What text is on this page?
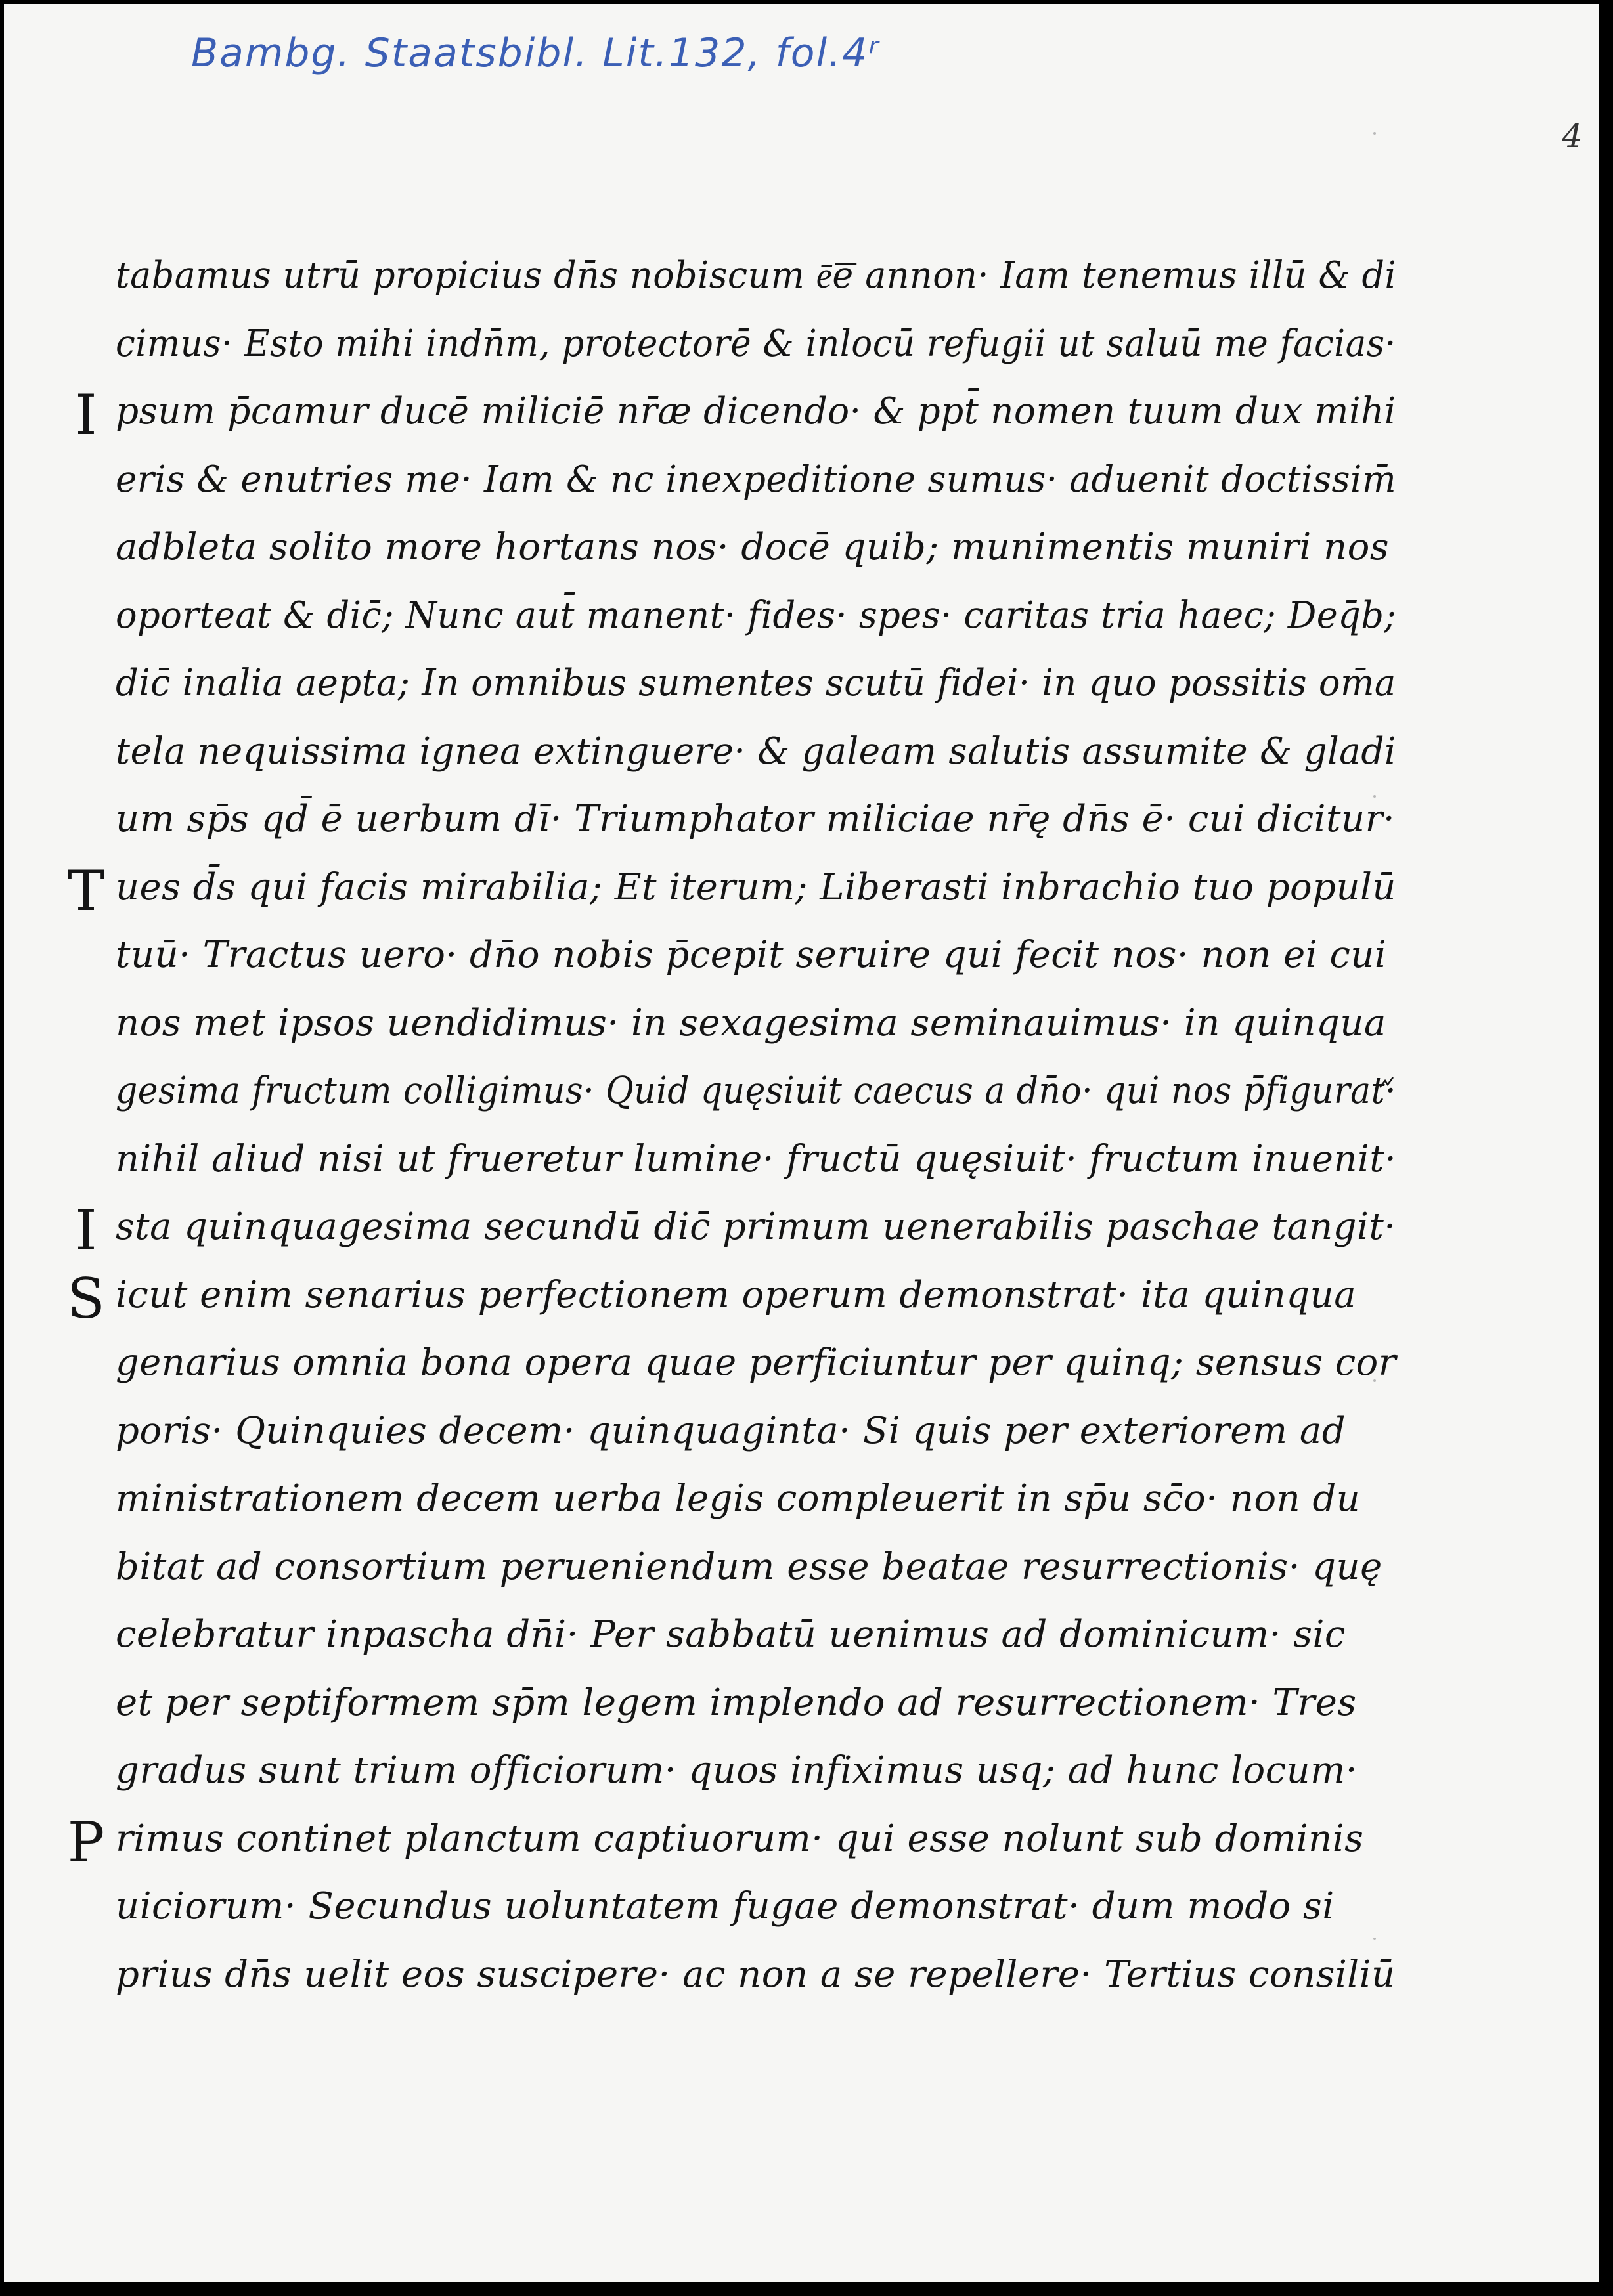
Bambg. Staatsbibl. Lit.132, fol.4ʳ
4
tabamus utrū propicius dn̄s nobiscum ē͞e annon· Iam tenemus illū & di
cimus· Esto mihi indn̄m, protectorē & inlocū refugii ut saluū me facias·
I psum p̄camur ducē miliciē nr̄æ dicendo· & ppt̄ nomen tuum dux mihi
eris & enutries me· Iam & nc inexpeditione sumus· aduenit doctissim̄
adbleta solito more hortans nos· docē quib; munimentis muniri nos
oporteat & dic̄; Nunc aut̄ manent· fides· spes· caritas tria haec; Deq̄b;
dic̄ inalia aepta; In omnibus sumentes scutū fidei· in quo possitis om̄a
tela nequissima ignea extinguere· & galeam salutis assumite & gladi
um sp̄s qd̄ ē uerbum dī· Triumphator miliciae nr̄ę dn̄s ē· cui dicitur·
T ues d̄s qui facis mirabilia; Et iterum; Liberasti inbrachio tuo populū
tuū· Tractus uero· dn̄o nobis p̄cepit seruire qui fecit nos· non ei cui
nos met ipsos uendidimus· in sexagesima seminauimus· in quinqua
gesima fructum colligimus· Quid quęsiuit caecus a dn̄o· qui nos p̄figurat·
nihil aliud nisi ut frueretur lumine· fructū quęsiuit· fructum inuenit·
I sta quinquagesima secundū dic̄ primum uenerabilis paschae tangit·
S icut enim senarius perfectionem operum demonstrat· ita quinqua
genarius omnia bona opera quae perficiuntur per quinq; sensus cor
poris· Quinquies decem· quinquaginta· Si quis per exteriorem ad
ministrationem decem uerba legis compleuerit in sp̄u sc̄o· non du
bitat ad consortium perueniendum esse beatae resurrectionis· quę
celebratur inpascha dn̄i· Per sabbatū uenimus ad dominicum· sic
et per septiformem sp̄m legem implendo ad resurrectionem· Tres
gradus sunt trium officiorum· quos infiximus usq; ad hunc locum·
P rimus continet planctum captiuorum· qui esse nolunt sub dominis
uiciorum· Secundus uoluntatem fugae demonstrat· dum modo si
prius dn̄s uelit eos suscipere· ac non a se repellere· Tertius consiliū
